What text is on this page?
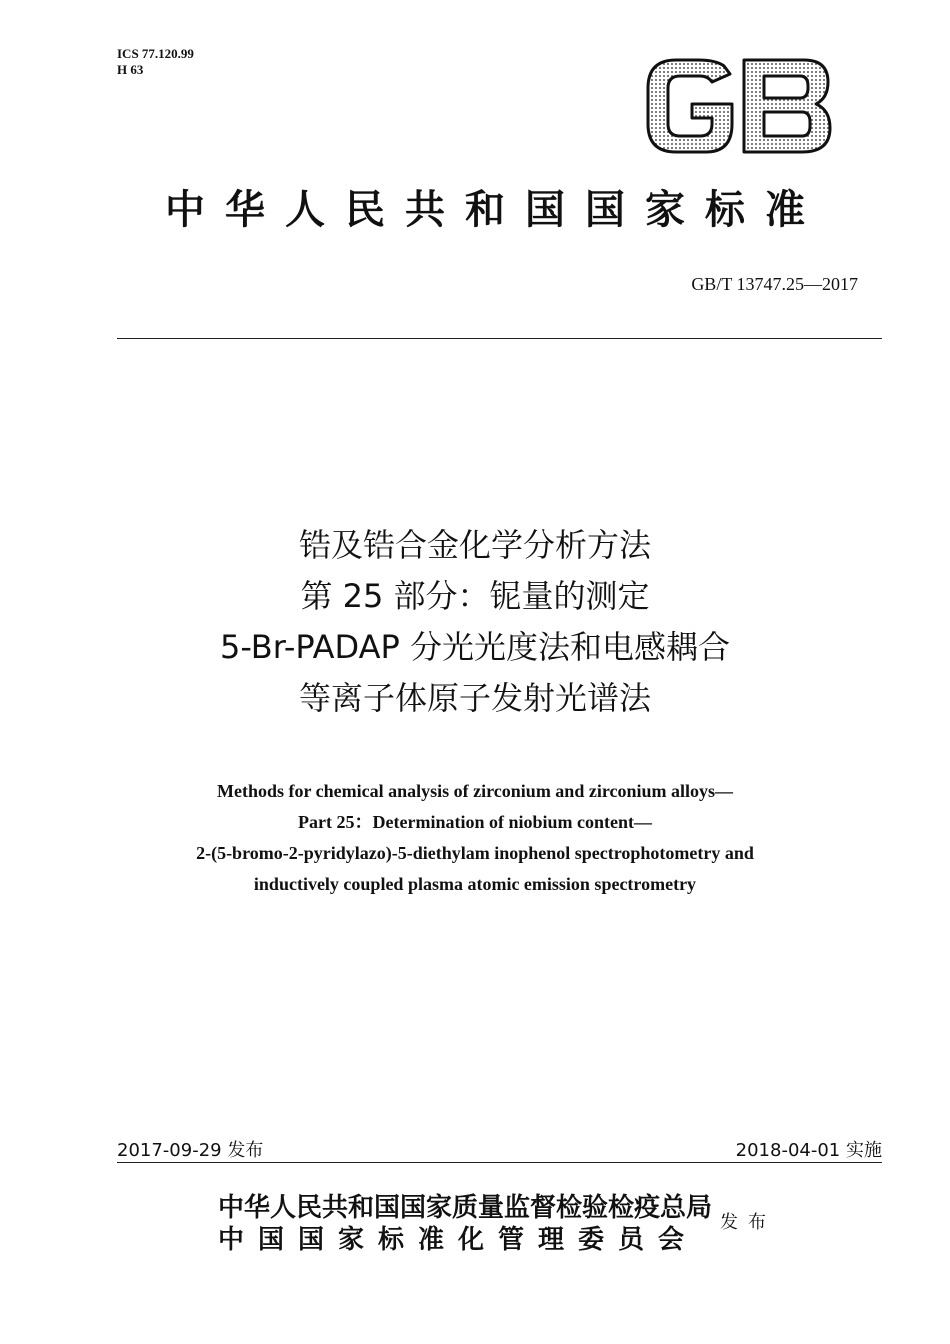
ICS 77.120.99
H 63
中华人民共和国国家标准
GB/T 13747.25—2017
锆及锆合金化学分析方法
第 25 部分：铌量的测定
5-Br-PADAP 分光光度法和电感耦合
等离子体原子发射光谱法
Methods for chemical analysis of zirconium and zirconium alloys—
Part 25：Determination of niobium content—
2-(5-bromo-2-pyridylazo)-5-diethylam inophenol spectrophotometry and
inductively coupled plasma atomic emission spectrometry
2017-09-29 发布	2018-04-01 实施
中华人民共和国国家质量监督检验检疫总局
中国国家标准化管理委员会
发布
